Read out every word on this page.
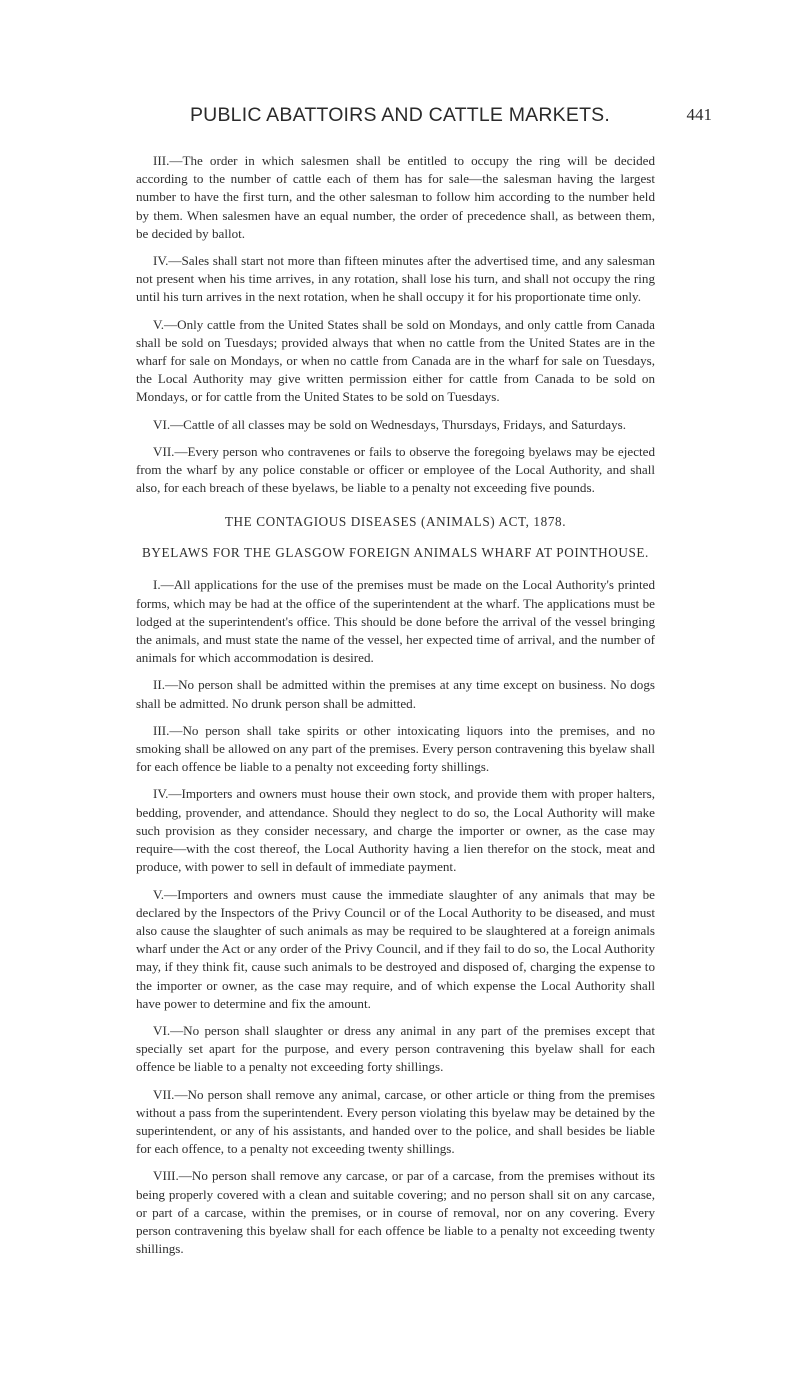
PUBLIC ABATTOIRS AND CATTLE MARKETS.	441

III.—The order in which salesmen shall be entitled to occupy the ring will be decided according to the number of cattle each of them has for sale—the salesman having the largest number to have the first turn, and the other salesman to follow him according to the number held by them. When salesmen have an equal number, the order of precedence shall, as between them, be decided by ballot.

IV.—Sales shall start not more than fifteen minutes after the advertised time, and any salesman not present when his time arrives, in any rotation, shall lose his turn, and shall not occupy the ring until his turn arrives in the next rotation, when he shall occupy it for his proportionate time only.

V.—Only cattle from the United States shall be sold on Mondays, and only cattle from Canada shall be sold on Tuesdays; provided always that when no cattle from the United States are in the wharf for sale on Mondays, or when no cattle from Canada are in the wharf for sale on Tuesdays, the Local Authority may give written permission either for cattle from Canada to be sold on Mondays, or for cattle from the United States to be sold on Tuesdays.

VI.—Cattle of all classes may be sold on Wednesdays, Thursdays, Fridays, and Saturdays.

VII.—Every person who contravenes or fails to observe the foregoing byelaws may be ejected from the wharf by any police constable or officer or employee of the Local Authority, and shall also, for each breach of these byelaws, be liable to a penalty not exceeding five pounds.

THE CONTAGIOUS DISEASES (ANIMALS) ACT, 1878.
BYELAWS FOR THE GLASGOW FOREIGN ANIMALS WHARF AT POINTHOUSE.

I.—All applications for the use of the premises must be made on the Local Authority's printed forms, which may be had at the office of the superintendent at the wharf. The applications must be lodged at the superintendent's office. This should be done before the arrival of the vessel bringing the animals, and must state the name of the vessel, her expected time of arrival, and the number of animals for which accommodation is desired.

II.—No person shall be admitted within the premises at any time except on business. No dogs shall be admitted. No drunk person shall be admitted.

III.—No person shall take spirits or other intoxicating liquors into the premises, and no smoking shall be allowed on any part of the premises. Every person contravening this byelaw shall for each offence be liable to a penalty not exceeding forty shillings.

IV.—Importers and owners must house their own stock, and provide them with proper halters, bedding, provender, and attendance. Should they neglect to do so, the Local Authority will make such provision as they consider necessary, and charge the importer or owner, as the case may require—with the cost thereof, the Local Authority having a lien therefor on the stock, meat and produce, with power to sell in default of immediate payment.

V.—Importers and owners must cause the immediate slaughter of any animals that may be declared by the Inspectors of the Privy Council or of the Local Authority to be diseased, and must also cause the slaughter of such animals as may be required to be slaughtered at a foreign animals wharf under the Act or any order of the Privy Council, and if they fail to do so, the Local Authority may, if they think fit, cause such animals to be destroyed and disposed of, charging the expense to the importer or owner, as the case may require, and of which expense the Local Authority shall have power to determine and fix the amount.

VI.—No person shall slaughter or dress any animal in any part of the premises except that specially set apart for the purpose, and every person contravening this byelaw shall for each offence be liable to a penalty not exceeding forty shillings.

VII.—No person shall remove any animal, carcase, or other article or thing from the premises without a pass from the superintendent. Every person violating this byelaw may be detained by the superintendent, or any of his assistants, and handed over to the police, and shall besides be liable for each offence, to a penalty not exceeding twenty shillings.

VIII.—No person shall remove any carcase, or par of a carcase, from the premises without its being properly covered with a clean and suitable covering; and no person shall sit on any carcase, or part of a carcase, within the premises, or in course of removal, nor on any covering. Every person contravening this byelaw shall for each offence be liable to a penalty not exceeding twenty shillings.
